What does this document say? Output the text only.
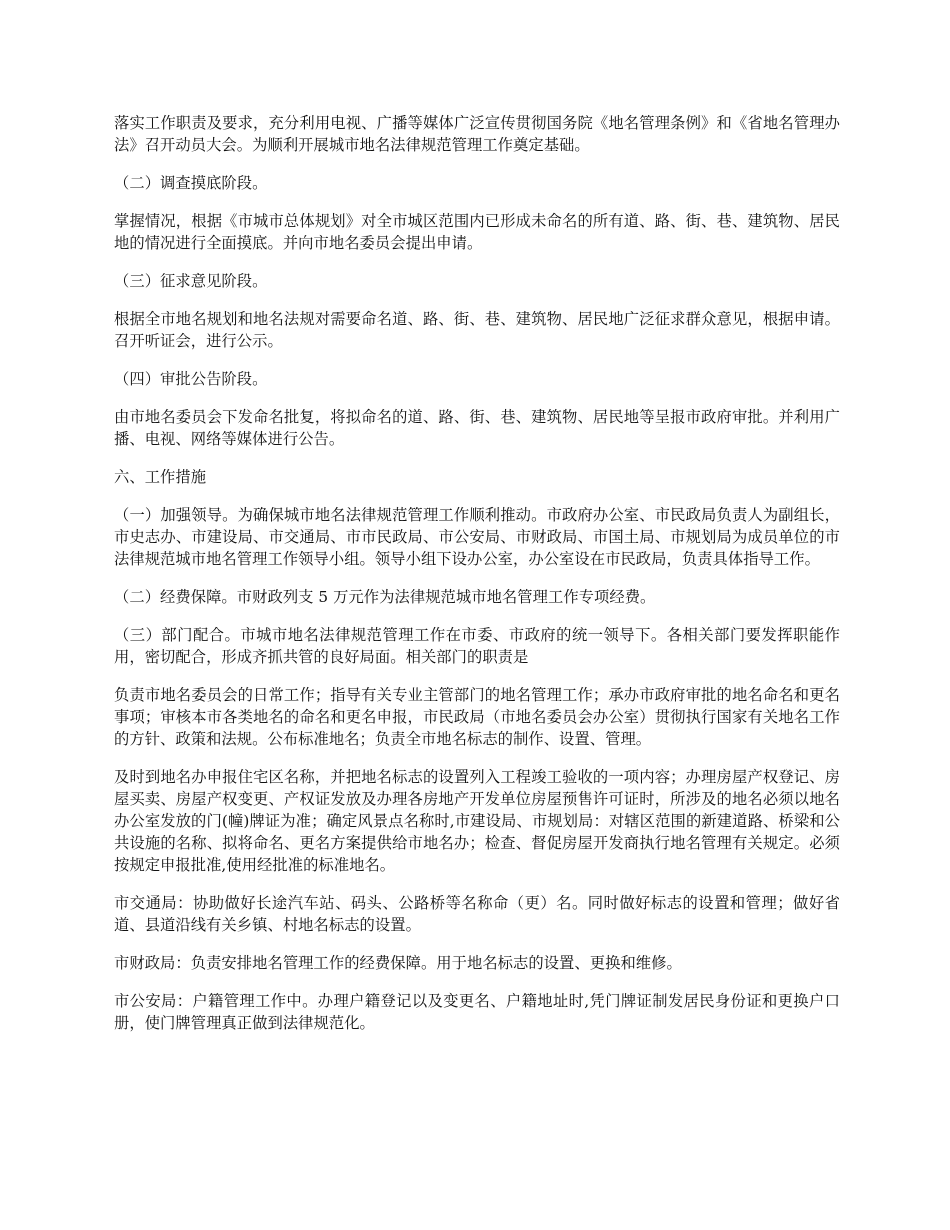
落实工作职责及要求，充分利用电视、广播等媒体广泛宣传贯彻国务院《地名管理条例》和《省地名管理办法》召开动员大会。为顺利开展城市地名法律规范管理工作奠定基础。

（二）调查摸底阶段。

掌握情况，根据《市城市总体规划》对全市城区范围内已形成未命名的所有道、路、街、巷、建筑物、居民地的情况进行全面摸底。并向市地名委员会提出申请。

（三）征求意见阶段。

根据全市地名规划和地名法规对需要命名道、路、街、巷、建筑物、居民地广泛征求群众意见，根据申请。召开听证会，进行公示。

（四）审批公告阶段。

由市地名委员会下发命名批复，将拟命名的道、路、街、巷、建筑物、居民地等呈报市政府审批。并利用广播、电视、网络等媒体进行公告。

六、工作措施

（一）加强领导。为确保城市地名法律规范管理工作顺利推动。市政府办公室、市民政局负责人为副组长，市史志办、市建设局、市交通局、市市民政局、市公安局、市财政局、市国土局、市规划局为成员单位的市法律规范城市地名管理工作领导小组。领导小组下设办公室，办公室设在市民政局，负责具体指导工作。

（二）经费保障。市财政列支 5 万元作为法律规范城市地名管理工作专项经费。

（三）部门配合。市城市地名法律规范管理工作在市委、市政府的统一领导下。各相关部门要发挥职能作用，密切配合，形成齐抓共管的良好局面。相关部门的职责是

负责市地名委员会的日常工作；指导有关专业主管部门的地名管理工作；承办市政府审批的地名命名和更名事项；审核本市各类地名的命名和更名申报，市民政局（市地名委员会办公室）贯彻执行国家有关地名工作的方针、政策和法规。公布标准地名；负责全市地名标志的制作、设置、管理。

及时到地名办申报住宅区名称，并把地名标志的设置列入工程竣工验收的一项内容；办理房屋产权登记、房屋买卖、房屋产权变更、产权证发放及办理各房地产开发单位房屋预售许可证时，所涉及的地名必须以地名办公室发放的门(幢)牌证为准；确定风景点名称时,市建设局、市规划局：对辖区范围的新建道路、桥梁和公共设施的名称、拟将命名、更名方案提供给市地名办；检查、督促房屋开发商执行地名管理有关规定。必须按规定申报批准,使用经批准的标准地名。

市交通局：协助做好长途汽车站、码头、公路桥等名称命（更）名。同时做好标志的设置和管理；做好省道、县道沿线有关乡镇、村地名标志的设置。

市财政局：负责安排地名管理工作的经费保障。用于地名标志的设置、更换和维修。

市公安局：户籍管理工作中。办理户籍登记以及变更名、户籍地址时,凭门牌证制发居民身份证和更换户口册，使门牌管理真正做到法律规范化。
